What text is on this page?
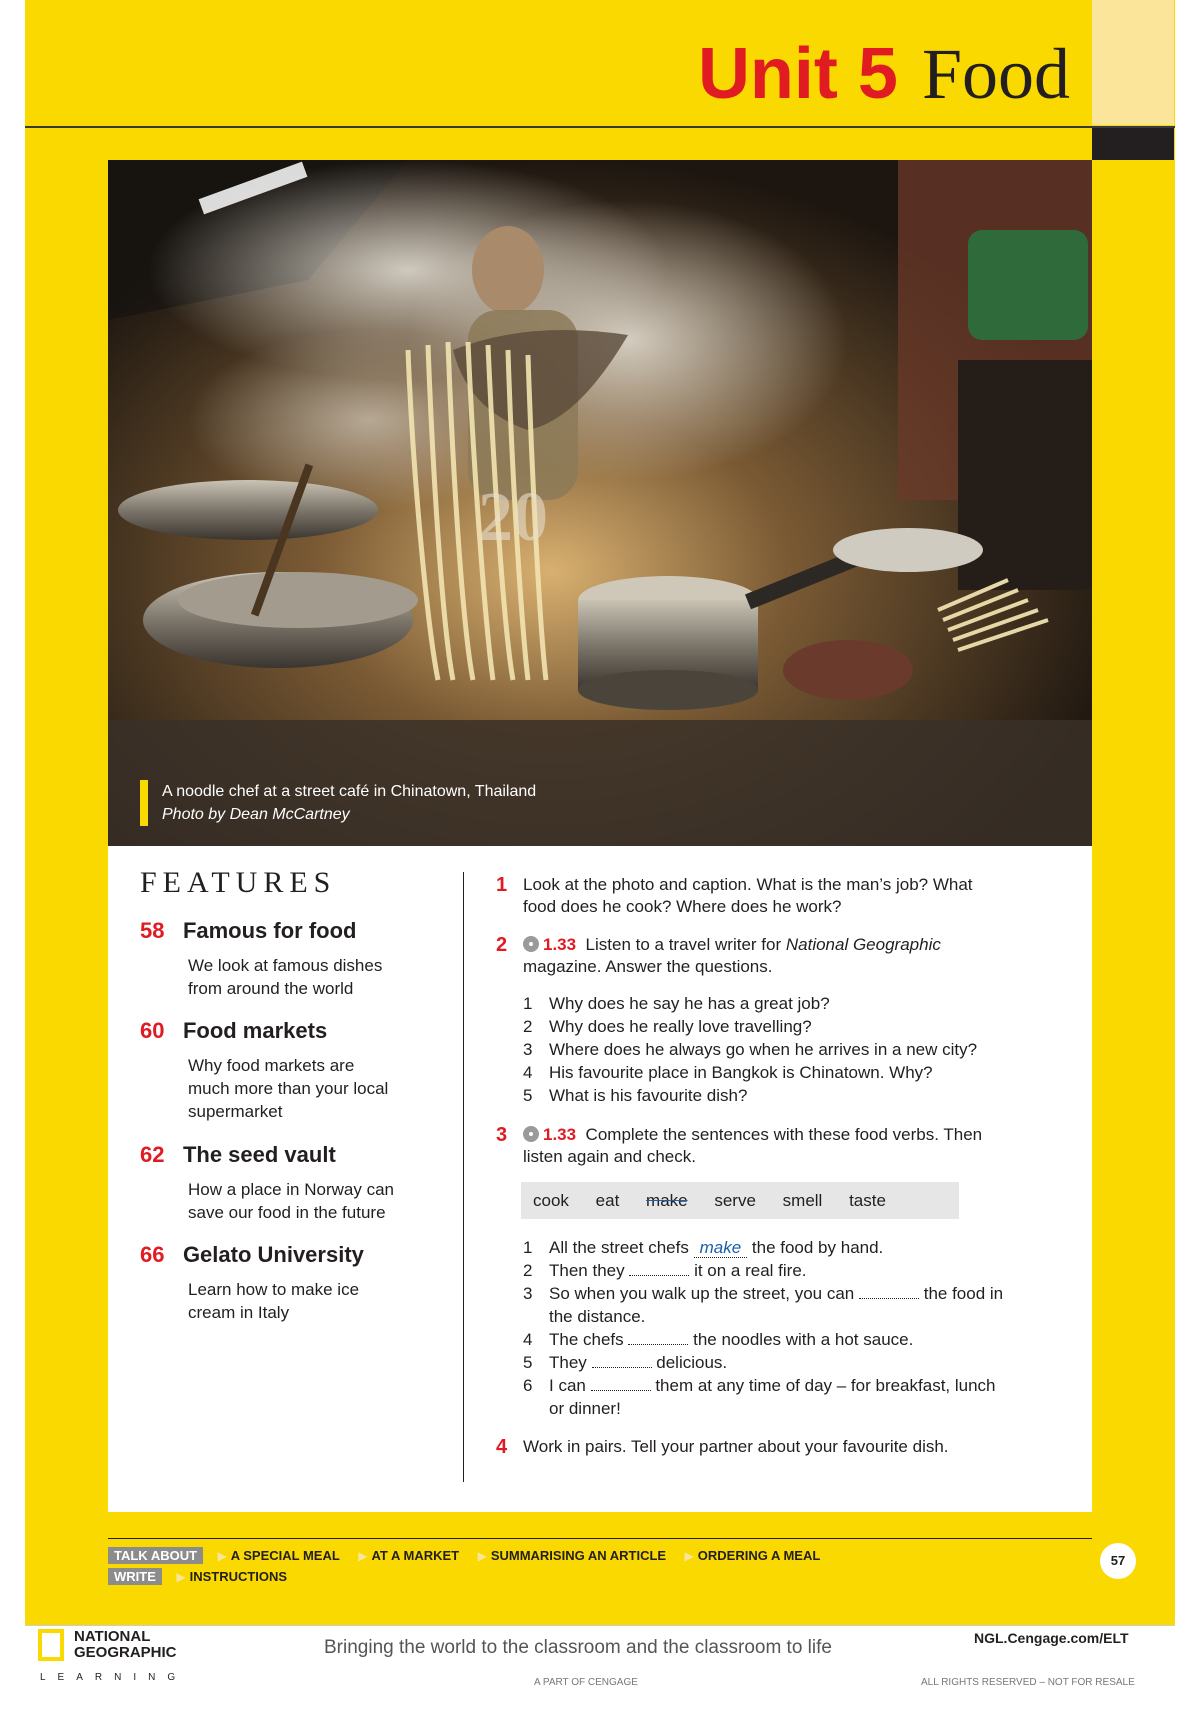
Unit 5 Food
20
A noodle chef at a street café in Chinatown, Thailand
Photo by Dean McCartney
FEATURES
58 Famous for food
We look at famous dishes
from around the world
60 Food markets
Why food markets are
much more than your local
supermarket
62 The seed vault
How a place in Norway can
save our food in the future
66 Gelato University
Learn how to make ice
cream in Italy
1 Look at the photo and caption. What is the man’s job? What
food does he cook? Where does he work?
2	1.33 Listen to a travel writer for National Geographic
magazine. Answer the questions.
1 Why does he say he has a great job?
2 Why does he really love travelling?
3 Where does he always go when he arrives in a new city?
4 His favourite place in Bangkok is Chinatown. Why?
5 What is his favourite dish?
3	1.33 Complete the sentences with these food verbs. Then
listen again and check.
cook eat make serve smell taste
1 All the street chefs make the food by hand.
2 Then they	it on a real fire.
3 So when you walk up the street, you can	the food in
the distance.
4 The chefs	the noodles with a hot sauce.
5 They	delicious.
6 I can	them at any time of day – for breakfast, lunch
or dinner!
4 Work in pairs. Tell your partner about your favourite dish.
TALK ABOUT ▶ A SPECIAL MEAL ▶ AT A MARKET ▶ SUMMARISING AN ARTICLE ▶ ORDERING A MEAL
WRITE ▶ INSTRUCTIONS
57
NATIONAL
GEOGRAPHIC
LEARNING
Bringing the world to the classroom and the classroom to life
A PART OF CENGAGE
NGL.Cengage.com/ELT
ALL RIGHTS RESERVED – NOT FOR RESALE
